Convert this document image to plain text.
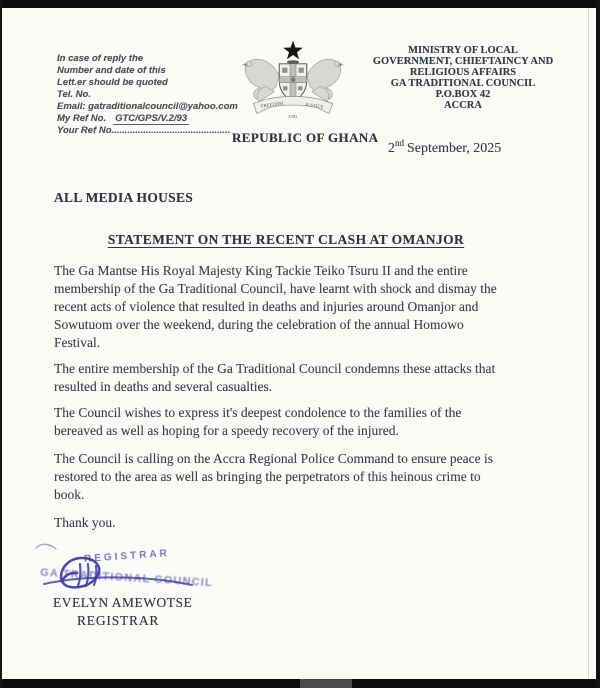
In case of reply the
Number and date of this
Lett.er should be quoted
Tel. No.
Email: gatraditionalcouncil@yahoo.com
My Ref No. GTC/GPS/V.2/93
Your Ref No.............................................
FREEDOM	JUSTICE
AND
REPUBLIC OF GHANA
MINISTRY OF LOCAL
GOVERNMENT, CHIEFTAINCY AND
RELIGIOUS AFFAIRS
GA TRADITIONAL COUNCIL
P.O.BOX 42
ACCRA
2nd September, 2025
ALL MEDIA HOUSES
STATEMENT ON THE RECENT CLASH AT OMANJOR
The Ga Mantse His Royal Majesty King Tackie Teiko Tsuru II and the entire
membership of the Ga Traditional Council, have learnt with shock and dismay the
recent acts of violence that resulted in deaths and injuries around Omanjor and
Sowutuom over the weekend, during the celebration of the annual Homowo
Festival.
The entire membership of the Ga Traditional Council condemns these attacks that
resulted in deaths and several casualties.
The Council wishes to express it's deepest condolence to the families of the
bereaved as well as hoping for a speedy recovery of the injured.
The Council is calling on the Accra Regional Police Command to ensure peace is
restored to the area as well as bringing the perpetrators of this heinous crime to
book.
Thank you.
REGISTRAR
GA TRADITIONAL COUNCIL
EVELYN AMEWOTSE
REGISTRAR
